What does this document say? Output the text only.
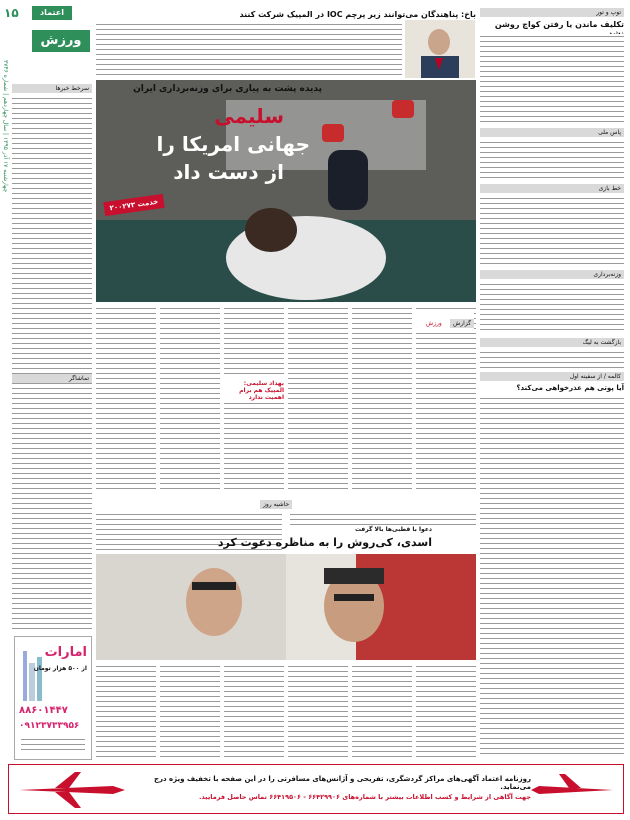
اعتماد
۱۵
ورزش
چهارشنبه ۱۷ آذر ۱۳۹۵ | سال چهاردهم | شماره ۳۷۴۶
سرخط خبرها
تماشاگر
امارات
از ۵۰۰ هزار تومان
۸۸۶۰۱۴۴۷
۰۹۱۲۳۷۳۳۹۵۶
باخ: پناهندگان می‌توانند زیر پرچم IOC در المپیک شرکت کنند
پدیده پشت به پیاری برای وزنه‌برداری ایران
سلیمی
جهانی امریکا را
از دست داد
خدمت ۲۰۰۲۷۳
توپ و تور
تکلیف ماندن یا رفتن کواچ روشن
پاس ملی
خط بازی
وزنه‌برداری
بازگشت به لیگ
کالمه / از سفینه اول
آیا پوتی هم عذرخواهی می‌کند؟
گزارش ورزش
بهداد سلیمی: المپیک هم برام اهمیت ندارد
حاشیه روز
دعوا با قطبی‌ها بالا گرفت
اسدی، کی‌روش را به مناظره دعوت کرد
روزنامه اعتماد آگهی‌های مراکز گردشگری، تفریحی و آژانس‌های مسافرتی را در این صفحه با تخفیف ویژه درج می‌نماید.
جهت آگاهی از شرایط و کسب اطلاعات بیشتر با شماره‌های ۶۶۴۲۹۹۰۶ - ۶۶۴۱۹۵۰۶ تماس حاصل فرمایید.
